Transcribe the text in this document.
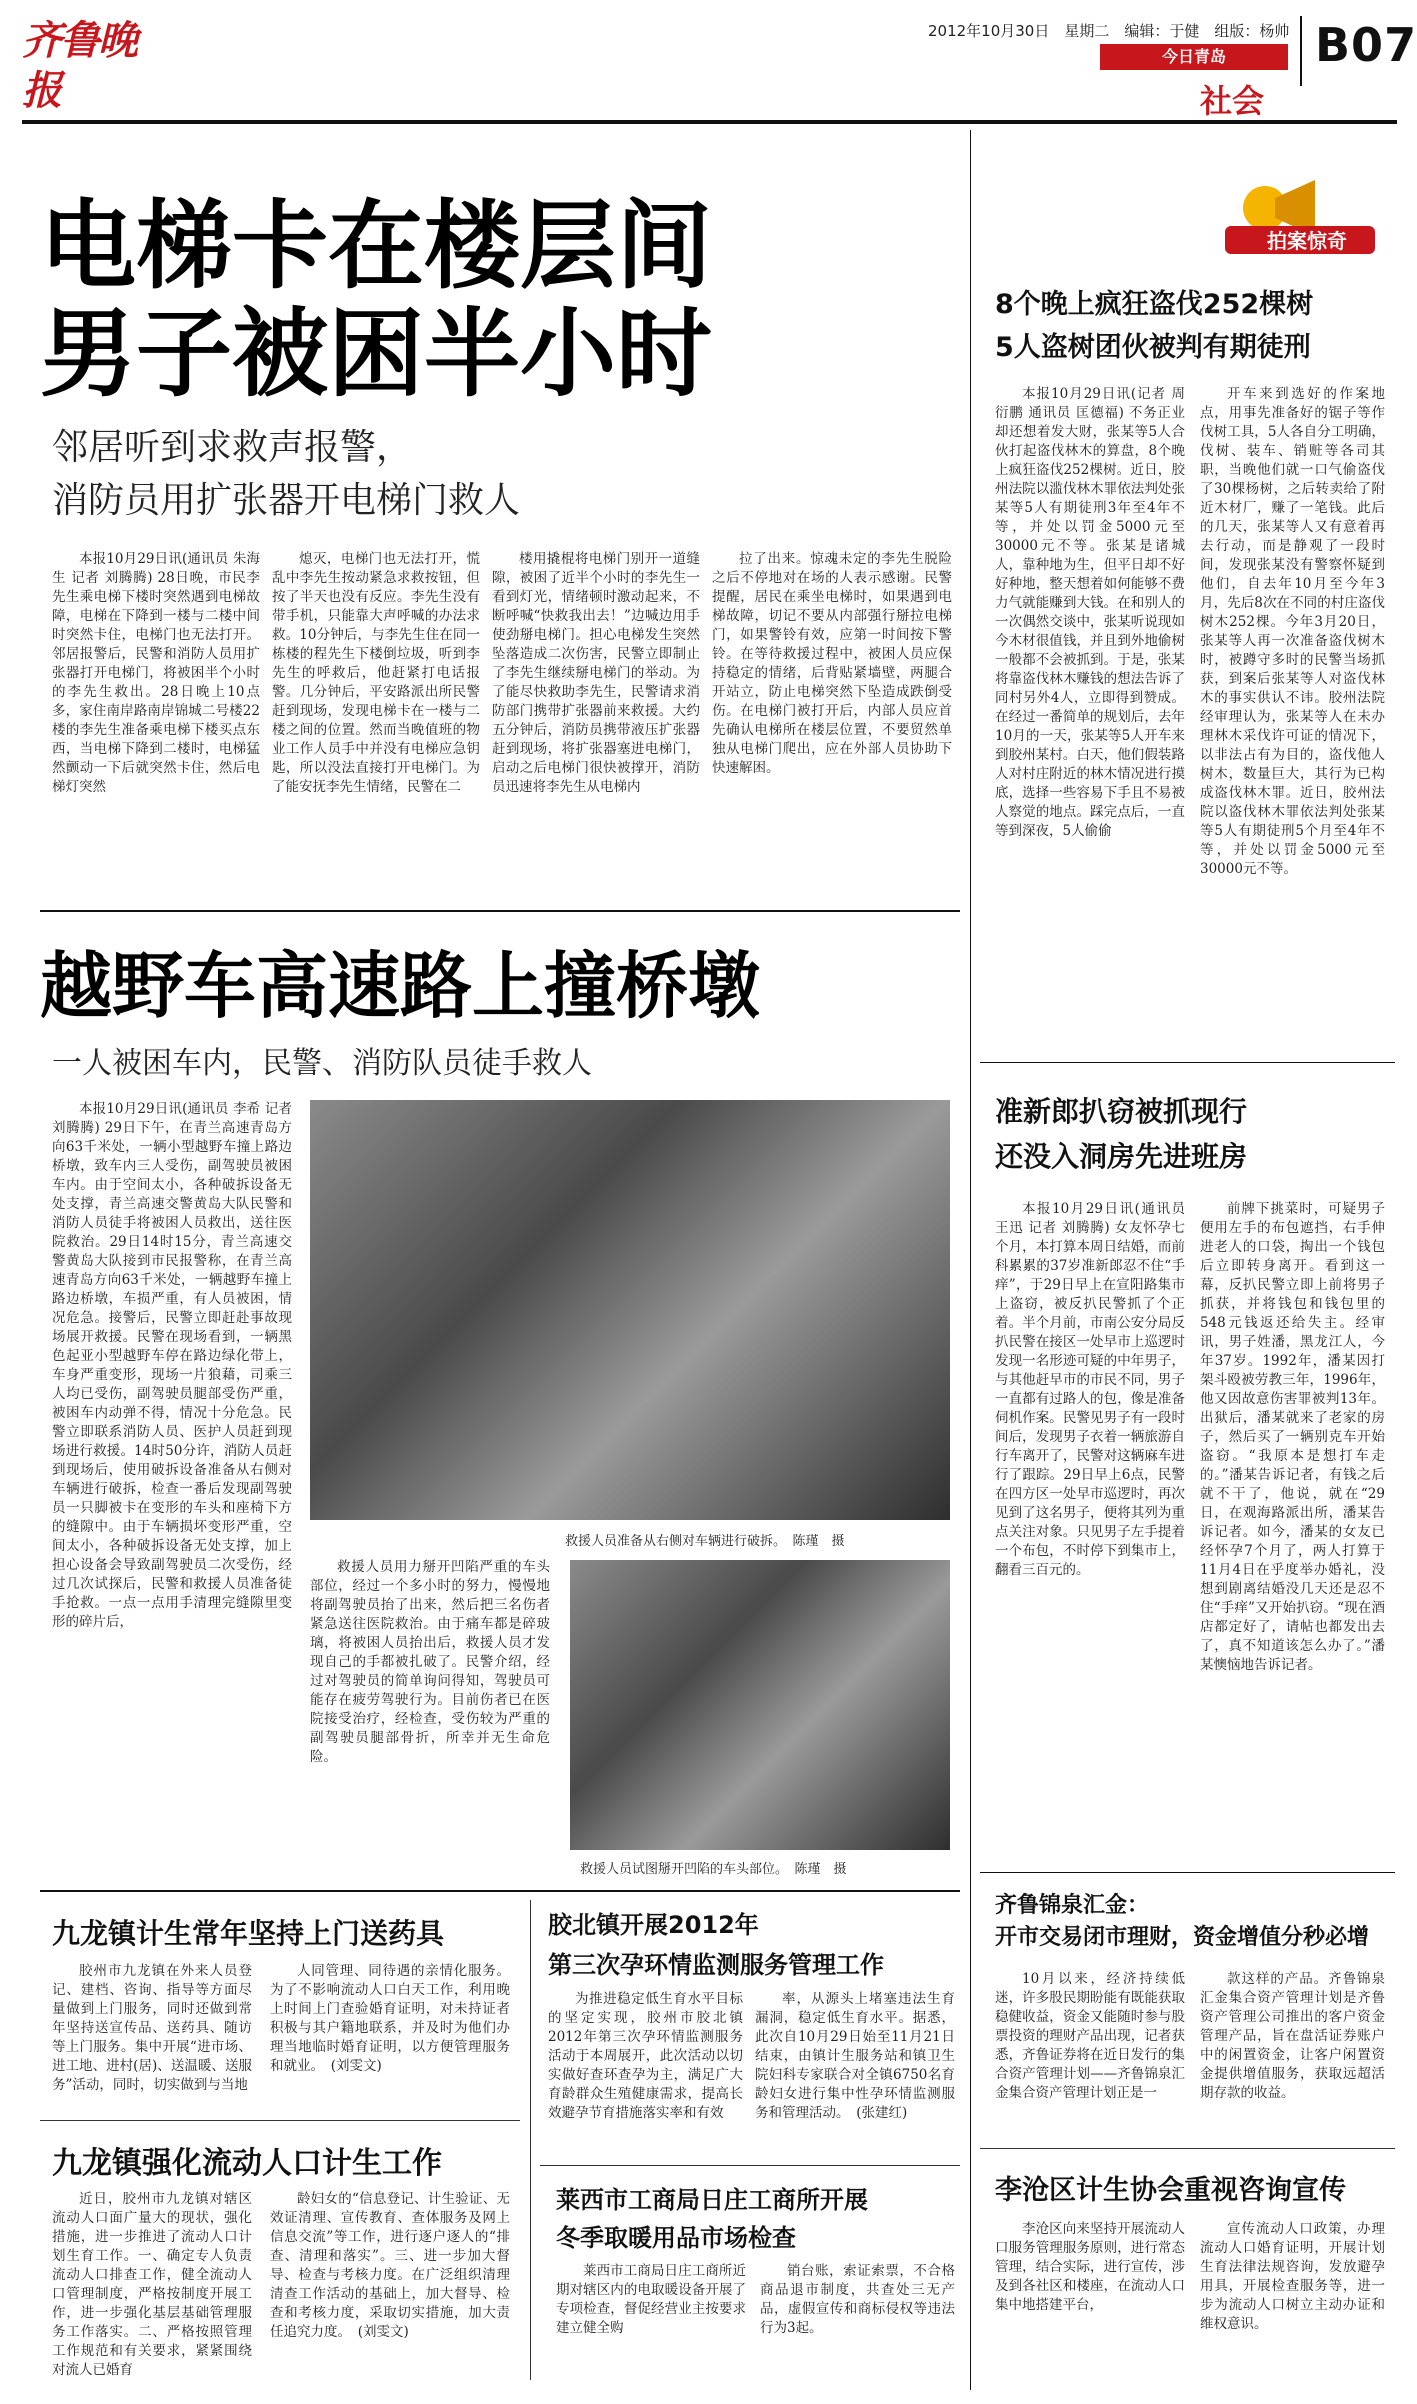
齐鲁晚报
2012年10月30日　星期二　编辑：于健　组版：杨帅
今日青岛
社会
B07
电梯卡在楼层间
男子被困半小时
邻居听到求救声报警，
消防员用扩张器开电梯门救人

本报10月29日讯(通讯员 朱海生 记者 刘腾腾) 28日晚，市民李先生乘电梯下楼时突然遇到电梯故障，电梯在下降到一楼与二楼中间时突然卡住，电梯门也无法打开。邻居报警后，民警和消防人员用扩张器打开电梯门，将被困半个小时的李先生救出。28日晚上10点多，家住南岸路南岸锦城二号楼22楼的李先生准备乘电梯下楼买点东西，当电梯下降到二楼时，电梯猛然颤动一下后就突然卡住，然后电梯灯突然

熄灭，电梯门也无法打开，慌乱中李先生按动紧急求救按钮，但按了半天也没有反应。李先生没有带手机，只能靠大声呼喊的办法求救。10分钟后，与李先生住在同一栋楼的程先生下楼倒垃圾，听到李先生的呼救后，他赶紧打电话报警。几分钟后，平安路派出所民警赶到现场，发现电梯卡在一楼与二楼之间的位置。然而当晚值班的物业工作人员手中并没有电梯应急钥匙，所以没法直接打开电梯门。为了能安抚李先生情绪，民警在二

楼用撬棍将电梯门别开一道缝隙，被困了近半个小时的李先生一看到灯光，情绪顿时激动起来，不断呼喊“快救我出去！”边喊边用手使劲掰电梯门。担心电梯发生突然坠落造成二次伤害，民警立即制止了李先生继续掰电梯门的举动。为了能尽快救助李先生，民警请求消防部门携带扩张器前来救援。大约五分钟后，消防员携带液压扩张器赶到现场，将扩张器塞进电梯门，启动之后电梯门很快被撑开，消防员迅速将李先生从电梯内

拉了出来。惊魂未定的李先生脱险之后不停地对在场的人表示感谢。民警提醒，居民在乘坐电梯时，如果遇到电梯故障，切记不要从内部强行掰拉电梯门，如果警铃有效，应第一时间按下警铃。在等待救援过程中，被困人员应保持稳定的情绪，后背贴紧墙壁，两腿合开站立，防止电梯突然下坠造成跌倒受伤。在电梯门被打开后，内部人员应首先确认电梯所在楼层位置，不要贸然单独从电梯门爬出，应在外部人员协助下快速解困。

越野车高速路上撞桥墩
一人被困车内，民警、消防队员徒手救人

本报10月29日讯(通讯员 李希 记者 刘腾腾) 29日下午，在青兰高速青岛方向63千米处，一辆小型越野车撞上路边桥墩，致车内三人受伤，副驾驶员被困车内。由于空间太小，各种破拆设备无处支撑，青兰高速交警黄岛大队民警和消防人员徒手将被困人员救出，送往医院救治。29日14时15分，青兰高速交警黄岛大队接到市民报警称，在青兰高速青岛方向63千米处，一辆越野车撞上路边桥墩，车损严重，有人员被困，情况危急。接警后，民警立即赶赴事故现场展开救援。民警在现场看到，一辆黑色起亚小型越野车停在路边绿化带上，车身严重变形，现场一片狼藉，司乘三人均已受伤，副驾驶员腿部受伤严重，被困车内动弹不得，情况十分危急。民警立即联系消防人员、医护人员赶到现场进行救援。14时50分许，消防人员赶到现场后，使用破拆设备准备从右侧对车辆进行破拆，检查一番后发现副驾驶员一只脚被卡在变形的车头和座椅下方的缝隙中。由于车辆损坏变形严重，空间太小，各种破拆设备无处支撑，加上担心设备会导致副驾驶员二次受伤，经过几次试探后，民警和救援人员准备徒手抢救。一点一点用手清理完缝隙里变形的碎片后，

救援人员准备从右侧对车辆进行破拆。　陈瑾　摄

救援人员用力掰开凹陷严重的车头部位，经过一个多小时的努力，慢慢地将副驾驶员抬了出来，然后把三名伤者紧急送往医院救治。由于痛车都是碎玻璃，将被困人员抬出后，救援人员才发现自己的手都被扎破了。民警介绍，经过对驾驶员的简单询问得知，驾驶员可能存在疲劳驾驶行为。目前伤者已在医院接受治疗，经检查，受伤较为严重的副驾驶员腿部骨折，所幸并无生命危险。

救援人员试图掰开凹陷的车头部位。　陈瑾　摄
九龙镇计生常年坚持上门送药具

胶州市九龙镇在外来人员登记、建档、咨询、指导等方面尽量做到上门服务，同时还做到常年坚持送宣传品、送药具、随访等上门服务。集中开展“进市场、进工地、进村(居)、送温暖、送服务”活动，同时，切实做到与当地

人同管理、同待遇的亲情化服务。为了不影响流动人口白天工作，利用晚上时间上门查验婚育证明，对未持证者积极与其户籍地联系，并及时为他们办理当地临时婚育证明，以方便管理服务和就业。　(刘雯文)

九龙镇强化流动人口计生工作

近日，胶州市九龙镇对辖区流动人口面广量大的现状，强化措施，进一步推进了流动人口计划生育工作。一、确定专人负责流动人口排查工作，健全流动人口管理制度，严格按制度开展工作，进一步强化基层基础管理服务工作落实。二、严格按照管理工作规范和有关要求，紧紧围绕对流人已婚育

龄妇女的“信息登记、计生验证、无效证清理、宣传教育、查体服务及网上信息交流”等工作，进行逐户逐人的“排查、清理和落实”。三、进一步加大督导、检查与考核力度。在广泛组织清理清查工作活动的基础上，加大督导、检查和考核力度，采取切实措施，加大责任追究力度。　(刘雯文)

胶北镇开展2012年
第三次孕环情监测服务管理工作

为推进稳定低生育水平目标的坚定实现，胶州市胶北镇2012年第三次孕环情监测服务活动于本周展开，此次活动以切实做好查环查孕为主，满足广大育龄群众生殖健康需求，提高长效避孕节育措施落实率和有效

率，从源头上堵塞违法生育漏洞，稳定低生育水平。据悉，此次自10月29日始至11月21日结束，由镇计生服务站和镇卫生院妇科专家联合对全镇6750名育龄妇女进行集中性孕环情监测服务和管理活动。　(张建红)

莱西市工商局日庄工商所开展
冬季取暖用品市场检查

莱西市工商局日庄工商所近期对辖区内的电取暖设备开展了专项检查，督促经营业主按要求建立健全购

销台账，索证索票，不合格商品退市制度，共查处三无产品，虚假宣传和商标侵权等违法行为3起。

拍案惊奇
8个晚上疯狂盗伐252棵树
5人盗树团伙被判有期徒刑

本报10月29日讯(记者 周衍鹏 通讯员 匡德福) 不务正业却还想着发大财，张某等5人合伙打起盗伐林木的算盘，8个晚上疯狂盗伐252棵树。近日，胶州法院以滥伐林木罪依法判处张某等5人有期徒刑3年至4年不等，并处以罚金5000元至30000元不等。张某是诸城人，靠种地为生，但平日却不好好种地，整天想着如何能够不费力气就能赚到大钱。在和别人的一次偶然交谈中，张某听说现如今木材很值钱，并且到外地偷树一般都不会被抓到。于是，张某将靠盗伐林木赚钱的想法告诉了同村另外4人，立即得到赞成。在经过一番简单的规划后，去年10月的一天，张某等5人开车来到胶州某村。白天，他们假装路人对村庄附近的林木情况进行摸底，选择一些容易下手且不易被人察觉的地点。踩完点后，一直等到深夜，5人偷偷

开车来到选好的作案地点，用事先准备好的锯子等作伐树工具，5人各自分工明确，伐树、装车、销赃等各司其职，当晚他们就一口气偷盗伐了30棵杨树，之后转卖给了附近木材厂，赚了一笔钱。此后的几天，张某等人又有意着再去行动，而是静观了一段时间，发现张某没有警察怀疑到他们，自去年10月至今年3月，先后8次在不同的村庄盗伐树木252棵。今年3月20日，张某等人再一次准备盗伐树木时，被蹲守多时的民警当场抓获，到案后张某等人对盗伐林木的事实供认不讳。胶州法院经审理认为，张某等人在未办理林木采伐许可证的情况下，以非法占有为目的，盗伐他人树木，数量巨大，其行为已构成盗伐林木罪。近日，胶州法院以盗伐林木罪依法判处张某等5人有期徒刑5个月至4年不等，并处以罚金5000元至30000元不等。

准新郎扒窃被抓现行
还没入洞房先进班房

本报10月29日讯(通讯员 王迅 记者 刘腾腾) 女友怀孕七个月，本打算本周日结婚，而前科累累的37岁准新郎忍不住“手痒”，于29日早上在宣阳路集市上盗窃，被反扒民警抓了个正着。半个月前，市南公安分局反扒民警在接区一处早市上巡逻时发现一名形迹可疑的中年男子，与其他赶早市的市民不同，男子一直都有过路人的包，像是准备伺机作案。民警见男子有一段时间后，发现男子衣着一辆旅游自行车离开了，民警对这辆麻车进行了跟踪。29日早上6点，民警在四方区一处早市巡逻时，再次见到了这名男子，便将其列为重点关注对象。只见男子左手提着一个布包，不时停下到集市上，翻看三百元的。

前牌下挑菜时，可疑男子便用左手的布包遮挡，右手伸进老人的口袋，掏出一个钱包后立即转身离开。看到这一幕，反扒民警立即上前将男子抓获，并将钱包和钱包里的548元钱返还给失主。经审讯，男子姓潘，黑龙江人，今年37岁。1992年，潘某因打架斗殴被劳教三年，1996年，他又因故意伤害罪被判13年。出狱后，潘某就来了老家的房子，然后买了一辆别克车开始盗窃。“我原本是想打车走的。”潘某告诉记者，有钱之后就不干了，他说，就在“29日，在观海路派出所，潘某告诉记者。如今，潘某的女友已经怀孕7个月了，两人打算于11月4日在乎度举办婚礼，没想到剧离结婚没几天还是忍不住“手痒”又开始扒窃。“现在酒店都定好了，请帖也都发出去了，真不知道该怎么办了。”潘某懊恼地告诉记者。

齐鲁锦泉汇金：
开市交易闭市理财，资金增值分秒必增

10月以来，经济持续低迷，许多股民期盼能有既能获取稳健收益，资金又能随时参与股票投资的理财产品出现，记者获悉，齐鲁证券将在近日发行的集合资产管理计划——齐鲁锦泉汇金集合资产管理计划正是一

款这样的产品。齐鲁锦泉汇金集合资产管理计划是齐鲁资产管理公司推出的客户资金管理产品，旨在盘活证券账户中的闲置资金，让客户闲置资金提供增值服务，获取远超活期存款的收益。

李沧区计生协会重视咨询宣传

李沧区向来坚持开展流动人口服务管理服务原则，进行常态管理，结合实际，进行宣传，涉及到各社区和楼座，在流动人口集中地搭建平台，

宣传流动人口政策，办理流动人口婚育证明，开展计划生育法律法规咨询，发放避孕用具，开展检查服务等，进一步为流动人口树立主动办证和维权意识。
